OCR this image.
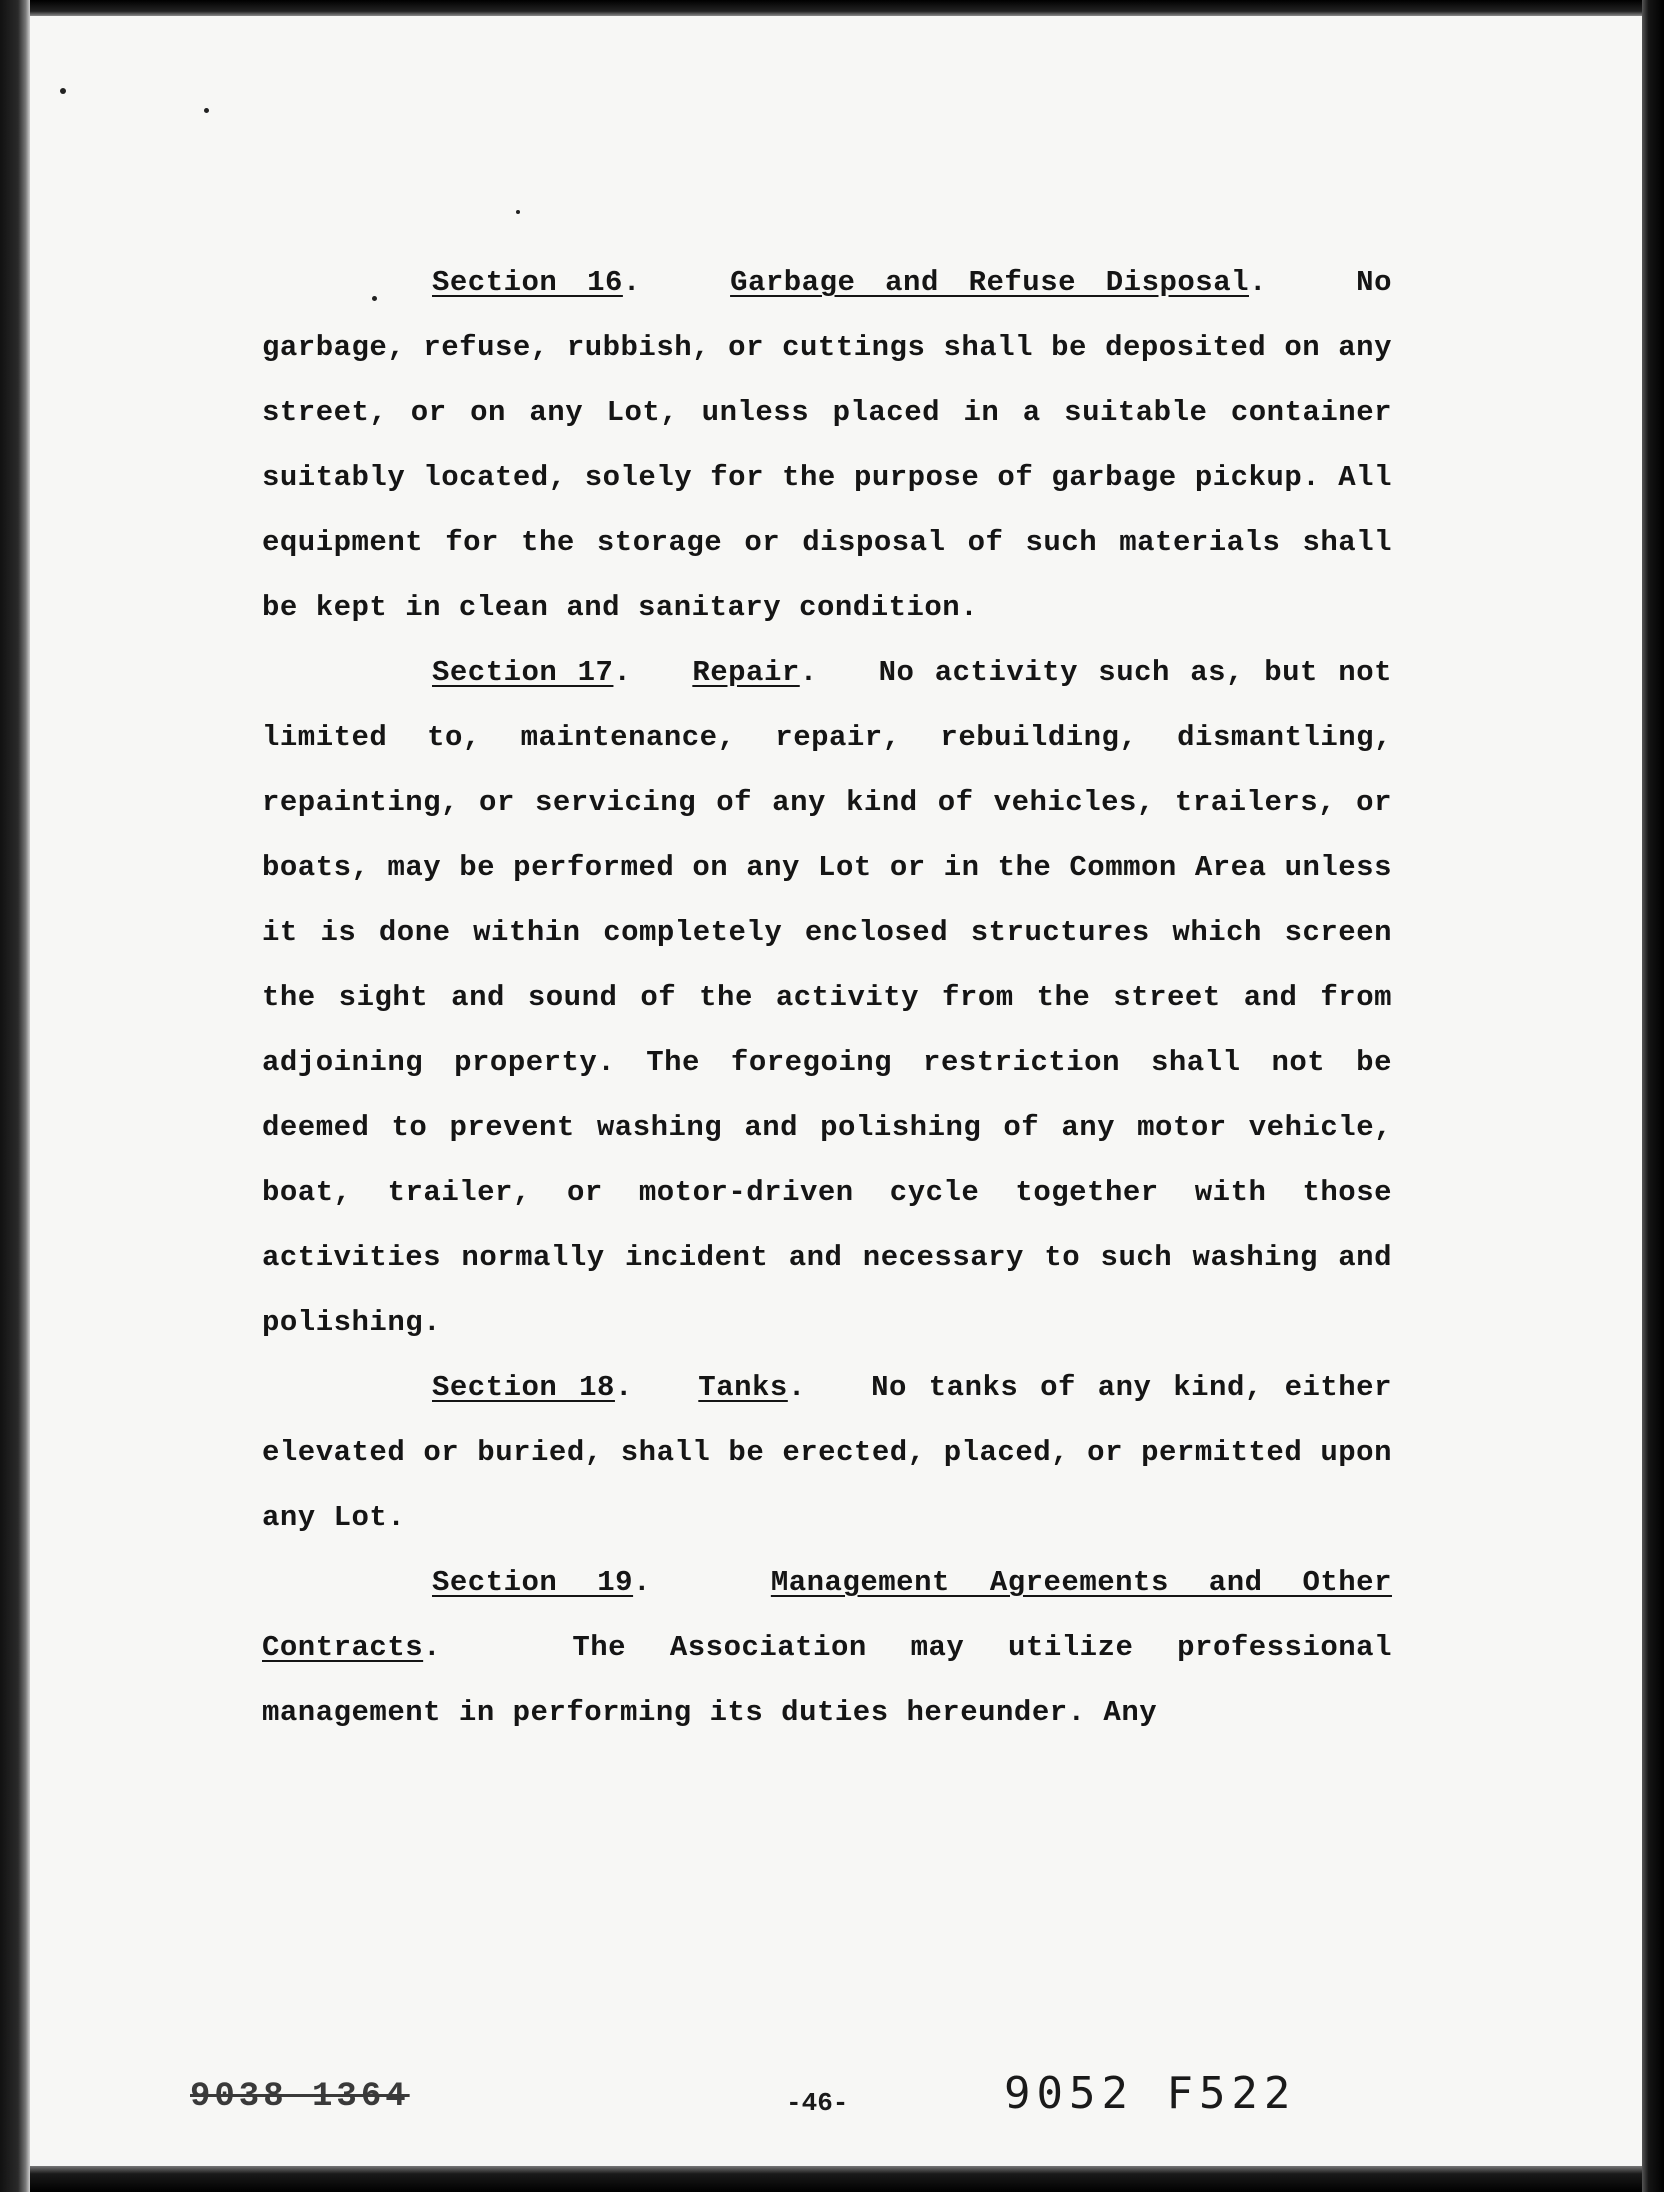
Section 16.   Garbage and Refuse Disposal.   No garbage, refuse, rubbish, or cuttings shall be deposited on any street, or on any Lot, unless placed in a suitable container suitably located, solely for the purpose of garbage pickup. All equipment for the storage or disposal of such materials shall be kept in clean and sanitary condition.

Section 17.   Repair.   No activity such as, but not limited to, maintenance, repair, rebuilding, dismantling, repainting, or servicing of any kind of vehicles, trailers, or boats, may be performed on any Lot or in the Common Area unless it is done within completely enclosed structures which screen the sight and sound of the activity from the street and from adjoining property. The foregoing restriction shall not be deemed to prevent washing and polishing of any motor vehicle, boat, trailer, or motor-driven cycle together with those activities normally incident and necessary to such washing and polishing.

Section 18.   Tanks.   No tanks of any kind, either elevated or buried, shall be erected, placed, or permitted upon any Lot.

Section 19.   Management Agreements and Other Contracts.   The Association may utilize professional management in performing its duties hereunder. Any

9038 1364	-46-	9052 F522
